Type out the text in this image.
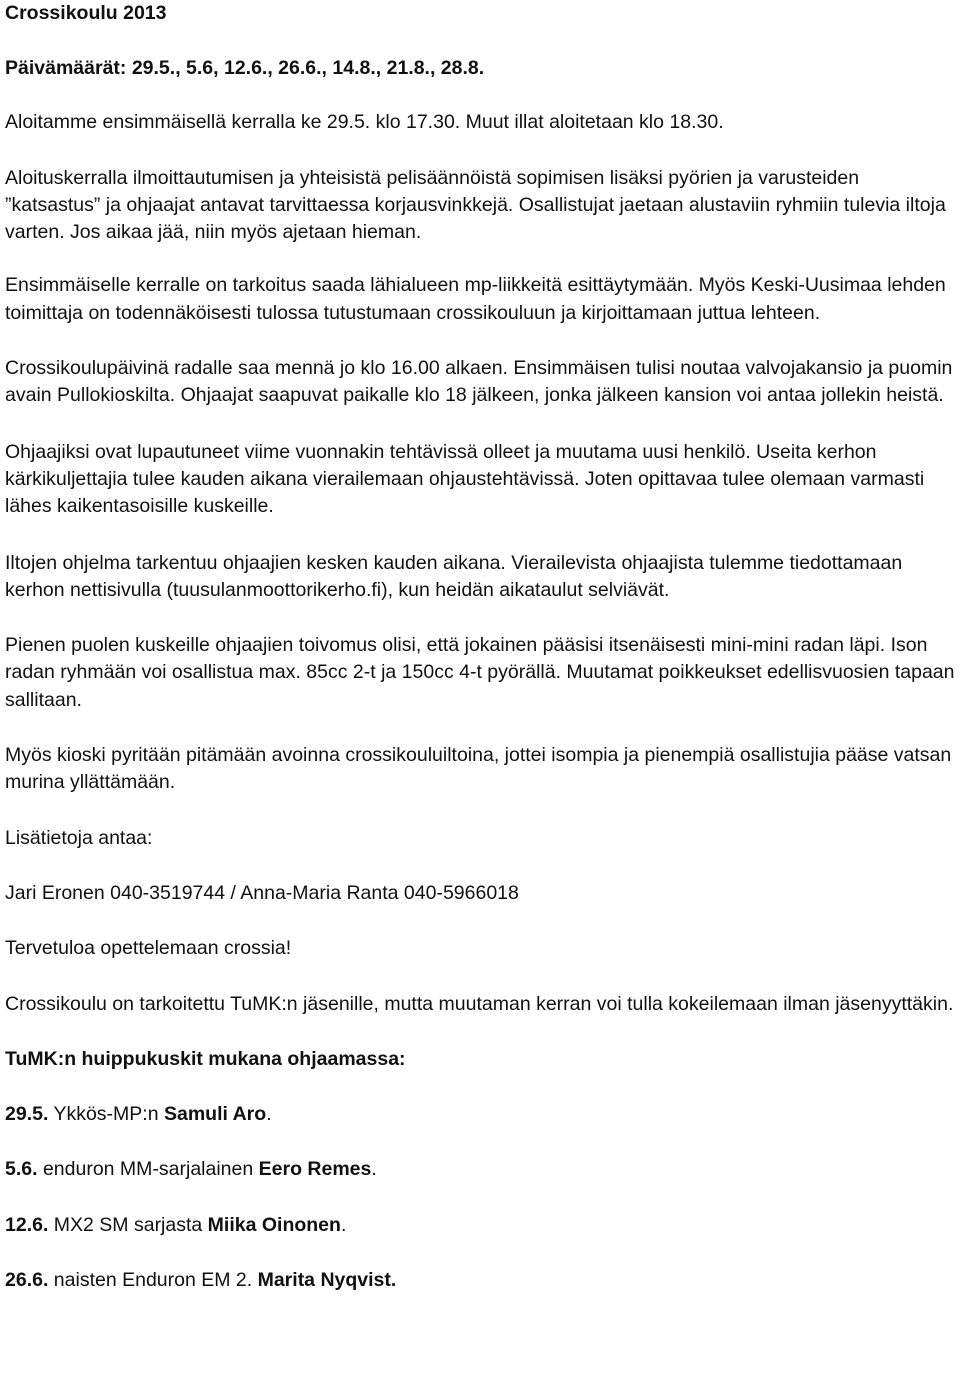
Crossikoulu 2013
Päivämäärät: 29.5., 5.6, 12.6., 26.6., 14.8., 21.8., 28.8.

Aloitamme ensimmäisellä kerralla ke 29.5. klo 17.30. Muut illat aloitetaan klo 18.30.

Aloituskerralla ilmoittautumisen ja yhteisistä pelisäännöistä sopimisen lisäksi pyörien ja varusteiden ”katsastus” ja ohjaajat antavat tarvittaessa korjausvinkkejä. Osallistujat jaetaan alustaviin ryhmiin tulevia iltoja varten. Jos aikaa jää, niin myös ajetaan hieman.

Ensimmäiselle kerralle on tarkoitus saada lähialueen mp-liikkeitä esittäytymään. Myös Keski-Uusimaa lehden toimittaja on todennäköisesti tulossa tutustumaan crossikouluun ja kirjoittamaan juttua lehteen.

Crossikoulupäivinä radalle saa mennä jo klo 16.00 alkaen. Ensimmäisen tulisi noutaa valvojakansio ja puomin avain Pullokioskilta. Ohjaajat saapuvat paikalle klo 18 jälkeen, jonka jälkeen kansion voi antaa jollekin heistä.

Ohjaajiksi ovat lupautuneet viime vuonnakin tehtävissä olleet ja muutama uusi henkilö. Useita kerhon kärkikuljettajia tulee kauden aikana vierailemaan ohjaustehtävissä. Joten opittavaa tulee olemaan varmasti lähes kaikentasoisille kuskeille.

Iltojen ohjelma tarkentuu ohjaajien kesken kauden aikana. Vierailevista ohjaajista tulemme tiedottamaan kerhon nettisivulla (tuusulanmoottorikerho.fi), kun heidän aikataulut selviävät.

Pienen puolen kuskeille ohjaajien toivomus olisi, että jokainen pääsisi itsenäisesti mini-mini radan läpi. Ison radan ryhmään voi osallistua max. 85cc 2-t ja 150cc 4-t pyörällä. Muutamat poikkeukset edellisvuosien tapaan sallitaan.

Myös kioski pyritään pitämään avoinna crossikouluiltoina, jottei isompia ja pienempiä osallistujia pääse vatsan murina yllättämään.

Lisätietoja antaa:

Jari Eronen 040-3519744 / Anna-Maria Ranta 040-5966018

Tervetuloa opettelemaan crossia!

Crossikoulu on tarkoitettu TuMK:n jäsenille, mutta muutaman kerran voi tulla kokeilemaan ilman jäsenyyttäkin.

TuMK:n huippukuskit mukana ohjaamassa:

29.5. Ykkös-MP:n Samuli Aro.

5.6. enduron MM-sarjalainen Eero Remes.

12.6. MX2 SM sarjasta Miika Oinonen.

26.6. naisten Enduron EM 2. Marita Nyqvist.
